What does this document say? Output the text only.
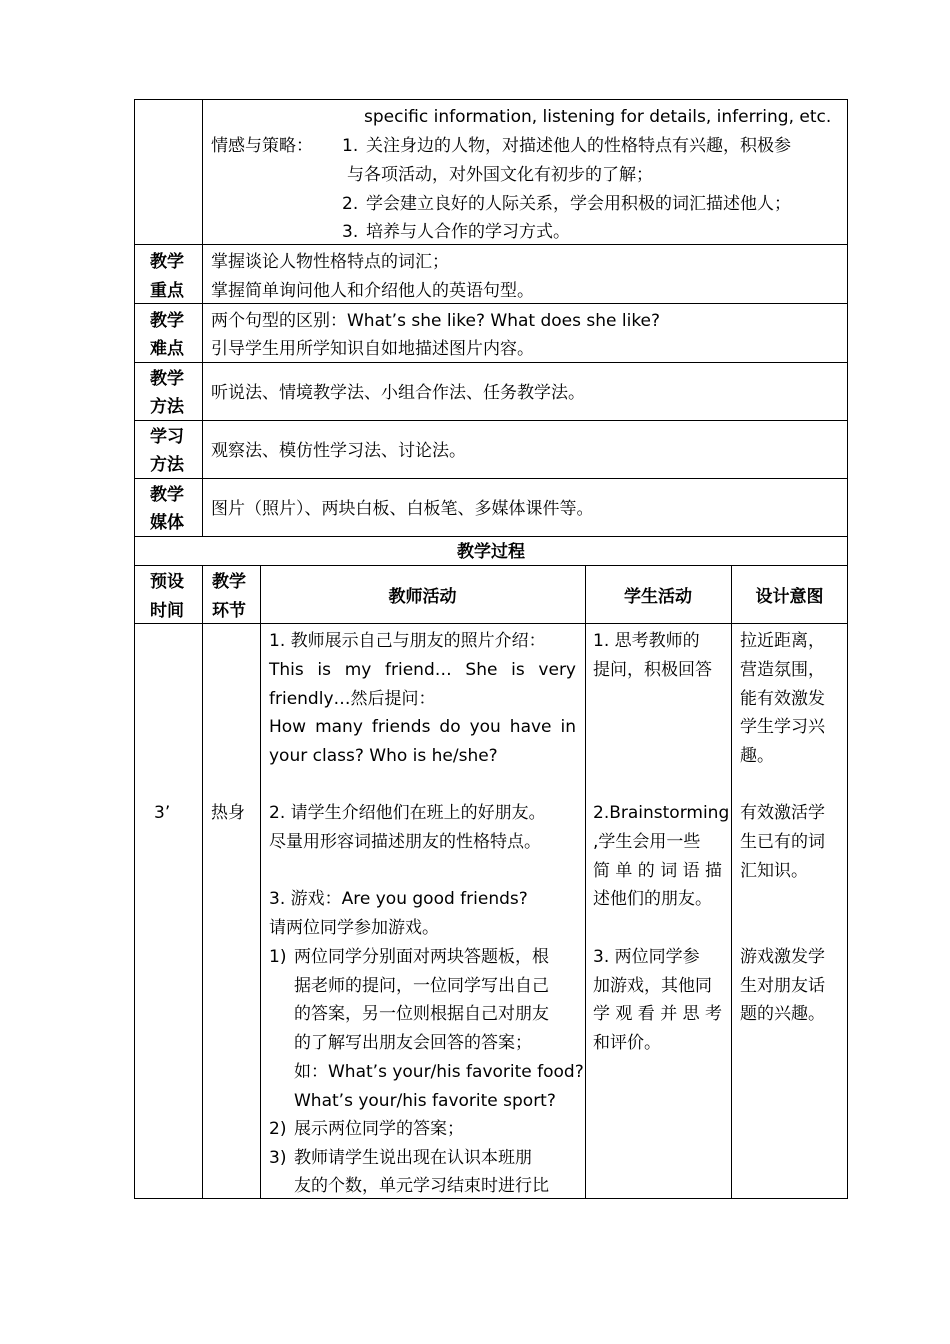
specific information, listening for details, inferring, etc.
情感与策略： 1. 关注身边的人物，对描述他人的性格特点有兴趣，积极参
与各项活动，对外国文化有初步的了解；
2. 学会建立良好的人际关系，学会用积极的词汇描述他人；
3. 培养与人合作的学习方式。
教学
重点
掌握谈论人物性格特点的词汇；
掌握简单询问他人和介绍他人的英语句型。
教学
难点
两个句型的区别：What’s she like? What does she like?
引导学生用所学知识自如地描述图片内容。
教学
方法
听说法、情境教学法、小组合作法、任务教学法。
学习
方法
观察法、模仿性学习法、讨论法。
教学
媒体
图片（照片）、两块白板、白板笔、多媒体课件等。
教学过程
预设
时间
教学
环节
教师活动	学生活动	设计意图
3’ 热身
1. 教师展示自己与朋友的照片介绍：
This is my friend… She is very
friendly…然后提问：
How many friends do you have in
your class? Who is he/she?
2. 请学生介绍他们在班上的好朋友。
尽量用形容词描述朋友的性格特点。
3. 游戏：Are you good friends?
请两位同学参加游戏。
1) 两位同学分别面对两块答题板，根
据老师的提问，一位同学写出自己
的答案，另一位则根据自己对朋友
的了解写出朋友会回答的答案；
如：What’s your/his favorite food?
What’s your/his favorite sport?
2) 展示两位同学的答案；
3) 教师请学生说出现在认识本班朋
友的个数，单元学习结束时进行比
1. 思考教师的
提问，积极回答
2.Brainstorming
,学生会用一些
简单的词语描
述他们的朋友。
3. 两位同学参
加游戏，其他同
学观看并思考
和评价。
拉近距离，
营造氛围，
能有效激发
学生学习兴
趣。
有效激活学
生已有的词
汇知识。
游戏激发学
生对朋友话
题的兴趣。
